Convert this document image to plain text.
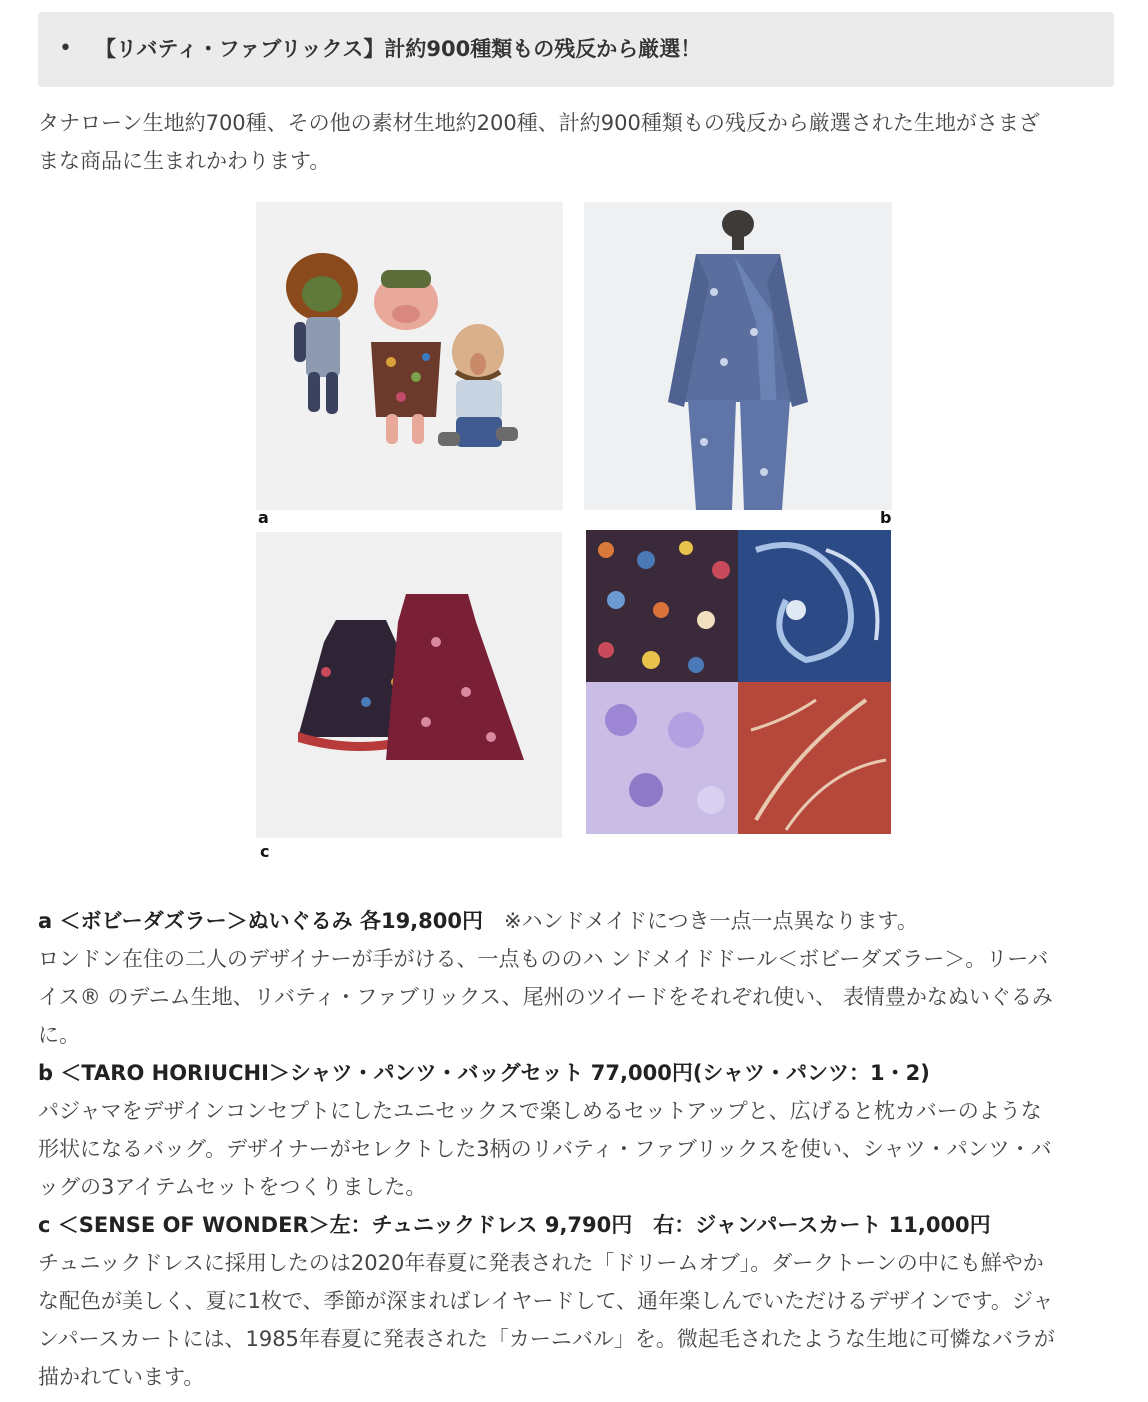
• 【リバティ・ファブリックス】計約900種類もの残反から厳選！

タナローン生地約700種、その他の素材生地約200種、計約900種類もの残反から厳選された生地がさまざ
まな商品に生まれかわります。

a	b
c

a ＜ボビーダズラー＞ぬいぐるみ 各19,800円　※ハンドメイドにつき一点一点異なります。
ロンドン在住の二人のデザイナーが手がける、一点もののハ ンドメイドドール＜ボビーダズラー＞。リーバ
イス® のデニム生地、リバティ・ファブリックス、尾州のツイードをそれぞれ使い、 表情豊かなぬいぐるみ
に。
b ＜TARO HORIUCHI＞シャツ・パンツ・バッグセット 77,000円(シャツ・パンツ：1・2)
パジャマをデザインコンセプトにしたユニセックスで楽しめるセットアップと、広げると枕カバーのような
形状になるバッグ。デザイナーがセレクトした3柄のリバティ・ファブリックスを使い、シャツ・パンツ・バ
ッグの3アイテムセットをつくりました。
c ＜SENSE OF WONDER＞左：チュニックドレス 9,790円　右：ジャンパースカート 11,000円
チュニックドレスに採用したのは2020年春夏に発表された「ドリームオブ」。ダークトーンの中にも鮮やか
な配色が美しく、夏に1枚で、季節が深まればレイヤードして、通年楽しんでいただけるデザインです。ジャ
ンパースカートには、1985年春夏に発表された「カーニバル」を。微起毛されたような生地に可憐なバラが
描かれています。
